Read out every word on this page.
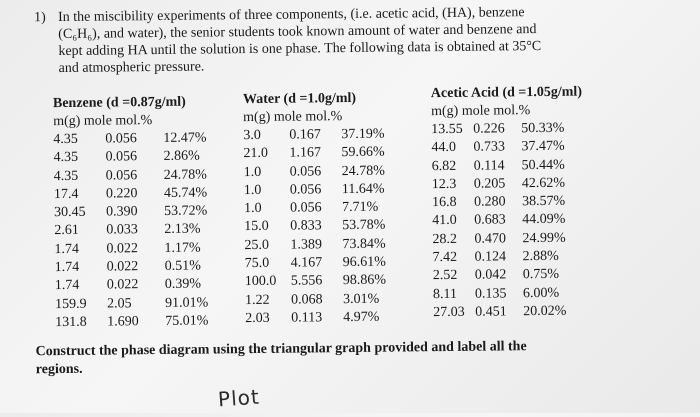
1) In the miscibility experiments of three components, (i.e. acetic acid, (HA), benzene
(C₆H₆), and water), the senior students took known amount of water and benzene and
kept adding HA until the solution is one phase. The following data is obtained at 35°C
and atmospheric pressure.
Benzene (d =0.87g/ml)
m(g) mole mol.%
4.35 0.056 12.47%
4.35 0.056 2.86%
4.35 0.056 24.78%
17.4 0.220 45.74%
30.45 0.390 53.72%
2.61 0.033 2.13%
1.74 0.022 1.17%
1.74 0.022 0.51%
1.74 0.022 0.39%
159.9 2.05 91.01%
131.8 1.690 75.01%
Water (d =1.0g/ml)
m(g) mole mol.%
3.0 0.167 37.19%
21.0 1.167 59.66%
1.0 0.056 24.78%
1.0 0.056 11.64%
1.0 0.056 7.71%
15.0 0.833 53.78%
25.0 1.389 73.84%
75.0 4.167 96.61%
100.0 5.556 98.86%
1.22 0.068 3.01%
2.03 0.113 4.97%
Acetic Acid (d =1.05g/ml)
m(g) mole mol.%
13.55 0.226 50.33%
44.0 0.733 37.47%
6.82 0.114 50.44%
12.3 0.205 42.62%
16.8 0.280 38.57%
41.0 0.683 44.09%
28.2 0.470 24.99%
7.42 0.124 2.88%
2.52 0.042 0.75%
8.11 0.135 6.00%
27.03 0.451 20.02%
Construct the phase diagram using the triangular graph provided and label all the
regions.
Plot
